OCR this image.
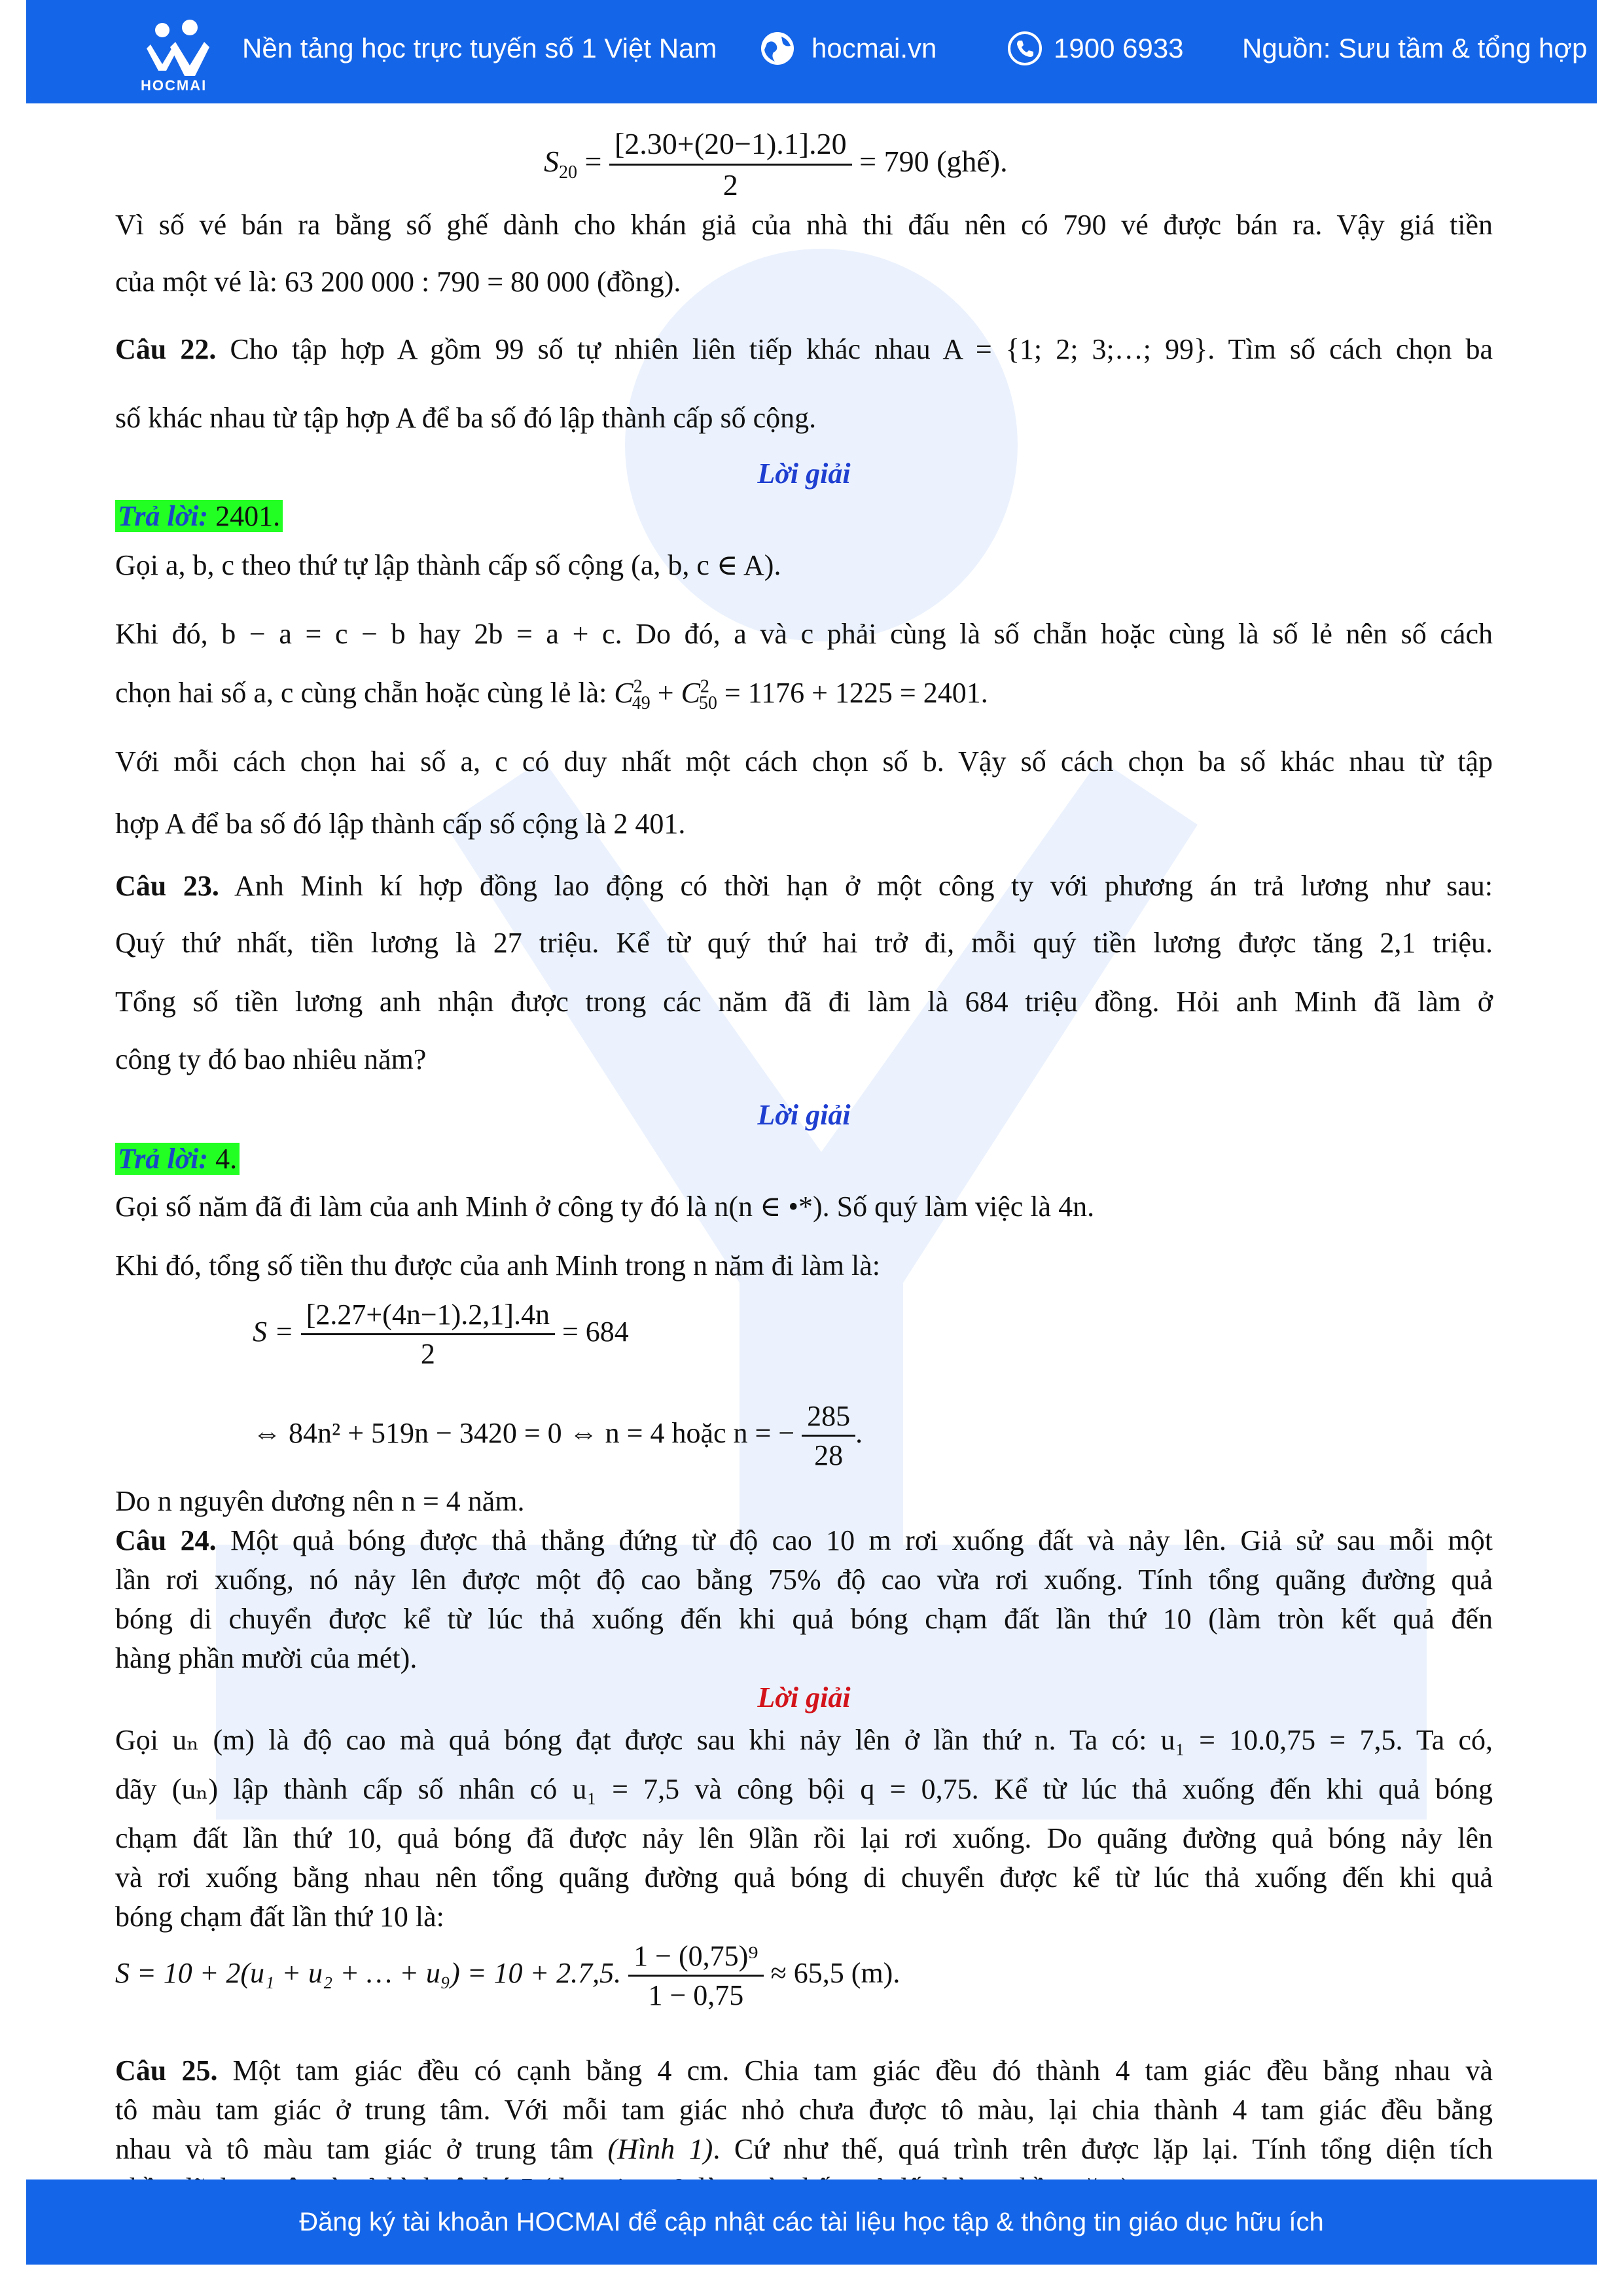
HOCMAI
Nền tảng học trực tuyến số 1 Việt Nam	hocmai.vn	1900 6933 Nguồn: Sưu tầm & tổng hợp
$S_{20} = \frac{[2.30+(20-1).1].20}{2} = 790$ (ghế).
Vì số vé bán ra bằng số ghế dành cho khán giả của nhà thi đấu nên có 790 vé được bán ra. Vậy giá tiền
của một vé là: 63 200 000 : 790 = 80 000 (đồng).
Câu 22. Cho tập hợp A gồm 99 số tự nhiên liên tiếp khác nhau A = {1; 2; 3;…; 99}. Tìm số cách chọn ba
số khác nhau từ tập hợp A để ba số đó lập thành cấp số cộng.
Lời giải
Trả lời: 2401.
Gọi a, b, c theo thứ tự lập thành cấp số cộng (a, b, c ∈ A).
Khi đó, b − a = c − b hay 2b = a + c. Do đó, a và c phải cùng là số chẵn hoặc cùng là số lẻ nên số cách
chọn hai số a, c cùng chẵn hoặc cùng lẻ là: $C^2_{49} + C^2_{50} = 1176 + 1225 = 2401$.
Với mỗi cách chọn hai số a, c có duy nhất một cách chọn số b. Vậy số cách chọn ba số khác nhau từ tập
hợp A để ba số đó lập thành cấp số cộng là 2 401.
Câu 23. Anh Minh kí hợp đồng lao động có thời hạn ở một công ty với phương án trả lương như sau:
Quý thứ nhất, tiền lương là 27 triệu. Kể từ quý thứ hai trở đi, mỗi quý tiền lương được tăng 2,1 triệu.
Tổng số tiền lương anh nhận được trong các năm đã đi làm là 684 triệu đồng. Hỏi anh Minh đã làm ở
công ty đó bao nhiêu năm?
Lời giải
Trả lời: 4.
Gọi số năm đã đi làm của anh Minh ở công ty đó là n(n ∈ •*). Số quý làm việc là 4n.
Khi đó, tổng số tiền thu được của anh Minh trong n năm đi làm là:
$S = \frac{[2.27+(4n-1).2,1].4n}{2} = 684$
⇔ 84n² + 519n − 3420 = 0 ⇔ n = 4 hoặc n = − $\frac{285}{28}$ .
Do n nguyên dương nên n = 4 năm.
Câu 24. Một quả bóng được thả thẳng đứng từ độ cao 10 m rơi xuống đất và nảy lên. Giả sử sau mỗi một
lần rơi xuống, nó nảy lên được một độ cao bằng 75% độ cao vừa rơi xuống. Tính tổng quãng đường quả
bóng di chuyển được kể từ lúc thả xuống đến khi quả bóng chạm đất lần thứ 10 (làm tròn kết quả đến
hàng phần mười của mét).
Lời giải
Gọi uₙ (m) là độ cao mà quả bóng đạt được sau khi nảy lên ở lần thứ n. Ta có: u₁ = 10.0,75 = 7,5. Ta có,
dãy (uₙ) lập thành cấp số nhân có u₁ = 7,5 và công bội q = 0,75. Kể từ lúc thả xuống đến khi quả bóng
chạm đất lần thứ 10, quả bóng đã được nảy lên 9lần rồi lại rơi xuống. Do quãng đường quả bóng nảy lên
và rơi xuống bằng nhau nên tổng quãng đường quả bóng di chuyển được kể từ lúc thả xuống đến khi quả
bóng chạm đất lần thứ 10 là:
S = 10 + 2(u₁ + u₂ + … + u₉) = 10 + 2.7,5. $\frac{\text{1 − (0,75)⁹}}{1 - 0,75} \approx 65,5$ (m).
Câu 25. Một tam giác đều có cạnh bằng 4 cm. Chia tam giác đều đó thành 4 tam giác đều bằng nhau và
tô màu tam giác ở trung tâm. Với mỗi tam giác nhỏ chưa được tô màu, lại chia thành 4 tam giác đều bằng
nhau và tô màu tam giác ở trung tâm (Hình 1). Cứ như thế, quá trình trên được lặp lại. Tính tổng diện tích
Đăng ký tài khoản HOCMAI để cập nhật các tài liệu học tập & thông tin giáo dục hữu ích
